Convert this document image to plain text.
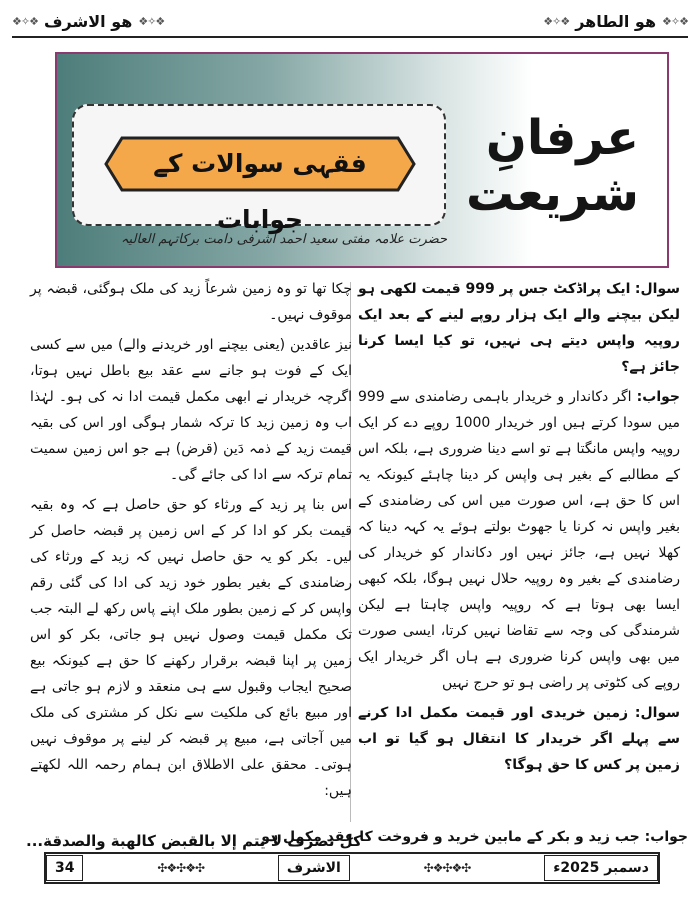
❖✧❖ هو الاشرف ❖✧❖	❖✧❖ هو الطاهر ❖✧❖
فقہی سوالات کے جوابات
عرفانِ
شریعت
حضرت علامہ مفتی سعید احمد اشرفی دامت برکاتہم العالیہ

سوال: ایک پراڈکٹ جس پر 999 قیمت لکھی ہو لیکن بیچنے والے ایک ہزار روپے لینے کے بعد ایک روپیہ واپس دیتے ہی نہیں، تو کیا ایسا کرنا جائز ہے؟

جواب: اگر دکاندار و خریدار باہمی رضامندی سے 999 میں سودا کرتے ہیں اور خریدار 1000 روپے دے کر ایک روپیہ واپس مانگتا ہے تو اسے دینا ضروری ہے، بلکہ اس کے مطالبے کے بغیر ہی واپس کر دینا چاہئے کیونکہ یہ اس کا حق ہے، اس صورت میں اس کی رضامندی کے بغیر واپس نہ کرنا یا جھوٹ بولتے ہوئے یہ کہہ دینا کہ کھلا نہیں ہے، جائز نہیں اور دکاندار کو خریدار کی رضامندی کے بغیر وہ روپیہ حلال نہیں ہوگا، بلکہ کبھی ایسا بھی ہوتا ہے کہ روپیہ واپس چاہتا ہے لیکن شرمندگی کی وجہ سے تقاضا نہیں کرتا، ایسی صورت میں بھی واپس کرنا ضروری ہے ہاں اگر خریدار ایک روپے کی کٹوتی پر راضی ہو تو حرج نہیں

سوال: زمین خریدی اور قیمت مکمل ادا کرنے سے پہلے اگر خریدار کا انتقال ہو گیا تو اب زمین پر کس کا حق ہوگا؟

چکا تھا تو وہ زمین شرعاً زید کی ملک ہوگئی، قبضہ پر موقوف نہیں۔

نیز عاقدین (یعنی بیچنے اور خریدنے والے) میں سے کسی ایک کے فوت ہو جانے سے عقد بیع باطل نہیں ہوتا، اگرچہ خریدار نے ابھی مکمل قیمت ادا نہ کی ہو۔ لہٰذا اب وہ زمین زید کا ترکہ شمار ہوگی اور اس کی بقیہ قیمت زید کے ذمہ دَین (قرض) ہے جو اس زمین سمیت تمام ترکہ سے ادا کی جائے گی۔

اس بنا پر زید کے ورثاء کو حق حاصل ہے کہ وہ بقیہ قیمت بکر کو ادا کر کے اس زمین پر قبضہ حاصل کر لیں۔ بکر کو یہ حق حاصل نہیں کہ زید کے ورثاء کی رضامندی کے بغیر بطور خود زید کی ادا کی گئی رقم واپس کر کے زمین بطور ملک اپنے پاس رکھ لے البتہ جب تک مکمل قیمت وصول نہیں ہو جاتی، بکر کو اس زمین پر اپنا قبضہ برقرار رکھنے کا حق ہے کیونکہ بیع صحیح ایجاب وقبول سے ہی منعقد و لازم ہو جاتی ہے اور مبیع بائع کی ملکیت سے نکل کر مشتری کی ملک میں آجاتی ہے، مبیع پر قبضہ کر لینے پر موقوف نہیں ہوتی۔ محقق علی الاطلاق ابن ہمام رحمہ اللہ لکھتے ہیں:

جواب: جب زید و بکر کے مابین خرید و فروخت کا عقد مکمل ہو
كل تصرف لا يتم إلا بالقبض كالهبة والصدقة...
34	✣❖✣❖✣	الاشرف	✣❖✣❖✣	دسمبر 2025ء
